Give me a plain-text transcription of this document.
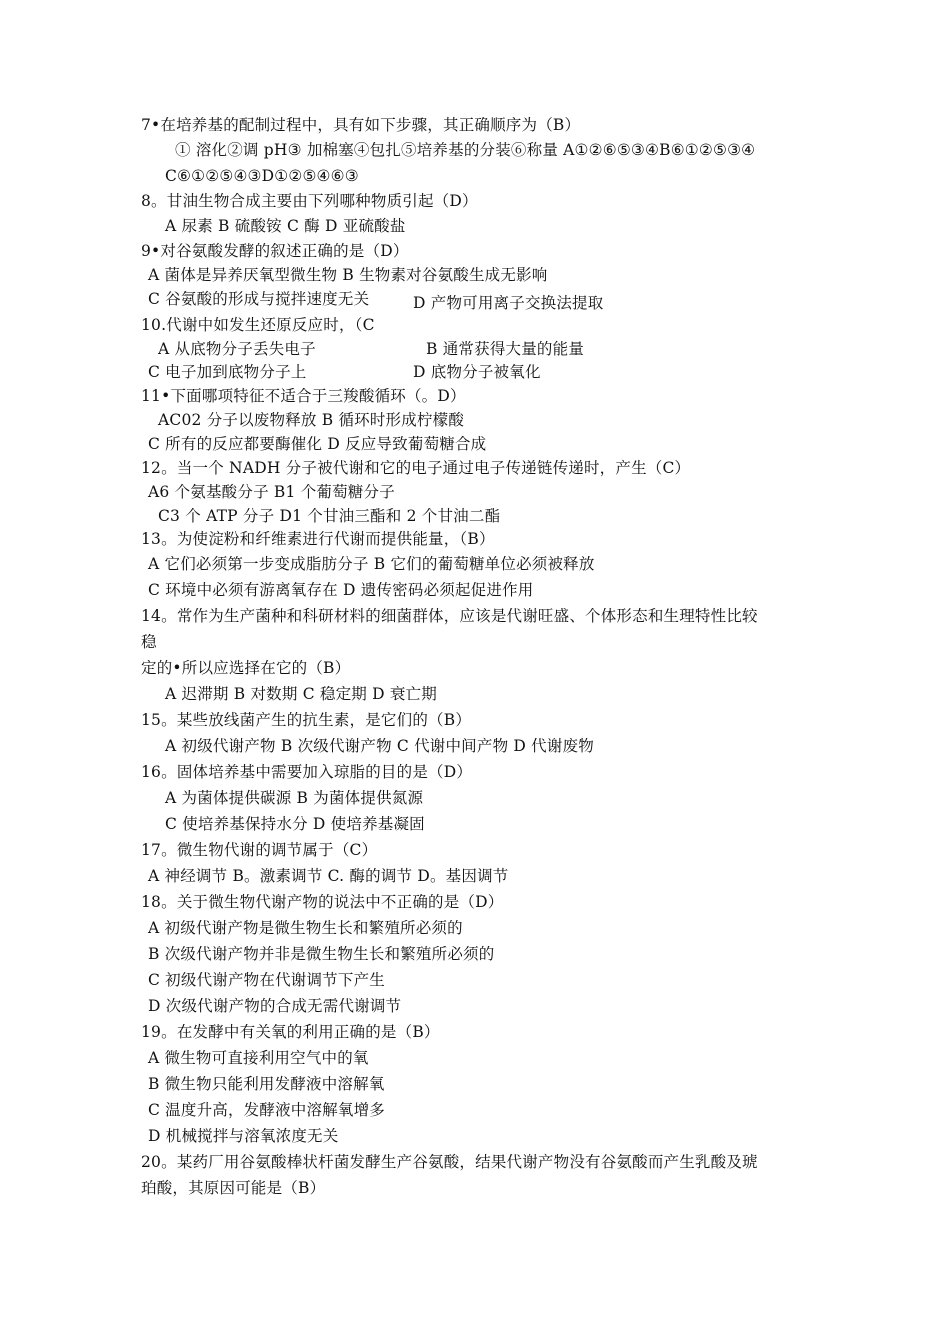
7•在培养基的配制过程中，具有如下步骤，其正确顺序为（B）
① 溶化②调 pH③ 加棉塞④包扎⑤培养基的分装⑥称量 A①②⑥⑤③④B⑥①②⑤③④
C⑥①②⑤④③D①②⑤④⑥③
8。甘油生物合成主要由下列哪种物质引起（D）
A 尿素 B 硫酸铵 C 酶 D 亚硫酸盐
9•对谷氨酸发酵的叙述正确的是（D）
A 菌体是异养厌氧型微生物 B 生物素对谷氨酸生成无影响
C 谷氨酸的形成与搅拌速度无关	D 产物可用离子交换法提取
10.代谢中如发生还原反应时，（C
A 从底物分子丢失电子	B 通常获得大量的能量
C 电子加到底物分子上	D 底物分子被氧化
11•下面哪项特征不适合于三羧酸循环（。D）
AC02 分子以废物释放 B 循环时形成柠檬酸
C 所有的反应都要酶催化 D 反应导致葡萄糖合成
12。当一个 NADH 分子被代谢和它的电子通过电子传递链传递时，产生（C）
A6 个氨基酸分子 B1 个葡萄糖分子
C3 个 ATP 分子 D1 个甘油三酯和 2 个甘油二酯
13。为使淀粉和纤维素进行代谢而提供能量，（B）
A 它们必须第一步变成脂肪分子 B 它们的葡萄糖单位必须被释放
C 环境中必须有游离氧存在 D 遗传密码必须起促进作用
14。常作为生产菌种和科研材料的细菌群体，应该是代谢旺盛、个体形态和生理特性比较
稳
定的•所以应选择在它的（B）
A 迟滞期 B 对数期 C 稳定期 D 衰亡期
15。某些放线菌产生的抗生素，是它们的（B）
A 初级代谢产物 B 次级代谢产物 C 代谢中间产物 D 代谢废物
16。固体培养基中需要加入琼脂的目的是（D）
A 为菌体提供碳源 B 为菌体提供氮源
C 使培养基保持水分 D 使培养基凝固
17。微生物代谢的调节属于（C）
A 神经调节 B。激素调节 C. 酶的调节 D。基因调节
18。关于微生物代谢产物的说法中不正确的是（D）
A 初级代谢产物是微生物生长和繁殖所必须的
B 次级代谢产物并非是微生物生长和繁殖所必须的
C 初级代谢产物在代谢调节下产生
D 次级代谢产物的合成无需代谢调节
19。在发酵中有关氧的利用正确的是（B）
A 微生物可直接利用空气中的氧
B 微生物只能利用发酵液中溶解氧
C 温度升高，发酵液中溶解氧增多
D 机械搅拌与溶氧浓度无关
20。某药厂用谷氨酸棒状杆菌发酵生产谷氨酸，结果代谢产物没有谷氨酸而产生乳酸及琥
珀酸，其原因可能是（B）
